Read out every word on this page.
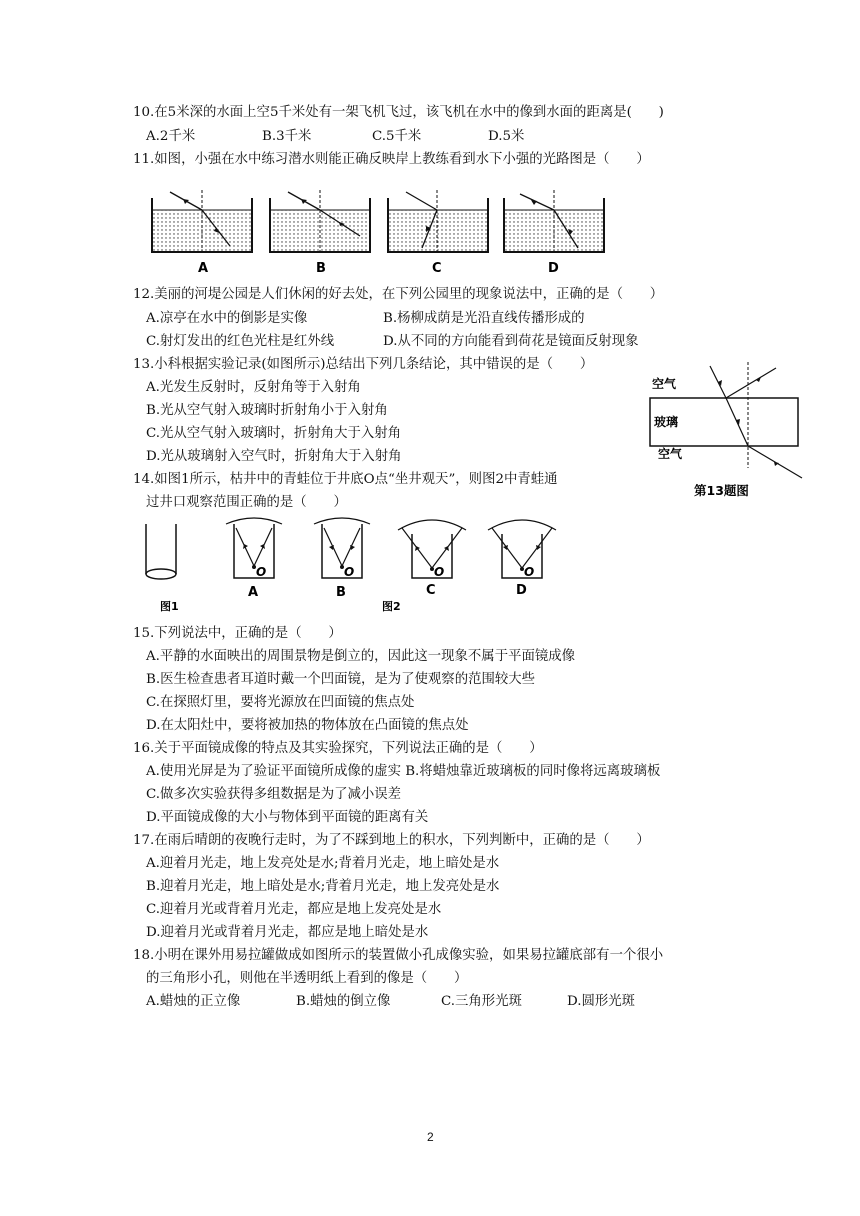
10.在5米深的水面上空5千米处有一架飞机飞过，该飞机在水中的像到水面的距离是(　　)
A.2千米	B.3千米	C.5千米	D.5米
11.如图，小强在水中练习潜水则能正确反映岸上教练看到水下小强的光路图是（　　）
A	B	C	D
12.美丽的河堤公园是人们休闲的好去处，在下列公园里的现象说法中，正确的是（　　）
A.凉亭在水中的倒影是实像	B.杨柳成荫是光沿直线传播形成的
C.射灯发出的红色光柱是红外线	D.从不同的方向能看到荷花是镜面反射现象
13.小科根据实验记录(如图所示)总结出下列几条结论，其中错误的是（　　）
A.光发生反射时，反射角等于入射角
B.光从空气射入玻璃时折射角小于入射角
C.光从空气射入玻璃时，折射角大于入射角
D.光从玻璃射入空气时，折射角大于入射角
空气
玻璃
空气
第13题图
14.如图1所示，枯井中的青蛙位于井底O点“坐井观天”，则图2中青蛙通
过井口观察范围正确的是（　　）
O	O	O	O
图1
A	B
图2
C	D
15.下列说法中，正确的是（　　）
A.平静的水面映出的周围景物是倒立的，因此这一现象不属于平面镜成像
B.医生检查患者耳道时戴一个凹面镜，是为了使观察的范围较大些
C.在探照灯里，要将光源放在凹面镜的焦点处
D.在太阳灶中，要将被加热的物体放在凸面镜的焦点处
16.关于平面镜成像的特点及其实验探究，下列说法正确的是（　　）
A.使用光屏是为了验证平面镜所成像的虚实 B.将蜡烛靠近玻璃板的同时像将远离玻璃板
C.做多次实验获得多组数据是为了减小误差
D.平面镜成像的大小与物体到平面镜的距离有关
17.在雨后晴朗的夜晚行走时，为了不踩到地上的积水，下列判断中，正确的是（　　）
A.迎着月光走，地上发亮处是水;背着月光走，地上暗处是水
B.迎着月光走，地上暗处是水;背着月光走，地上发亮处是水
C.迎着月光或背着月光走，都应是地上发亮处是水
D.迎着月光或背着月光走，都应是地上暗处是水
18.小明在课外用易拉罐做成如图所示的装置做小孔成像实验，如果易拉罐底部有一个很小
的三角形小孔，则他在半透明纸上看到的像是（　　）
A.蜡烛的正立像	B.蜡烛的倒立像	C.三角形光斑	D.圆形光斑
2
